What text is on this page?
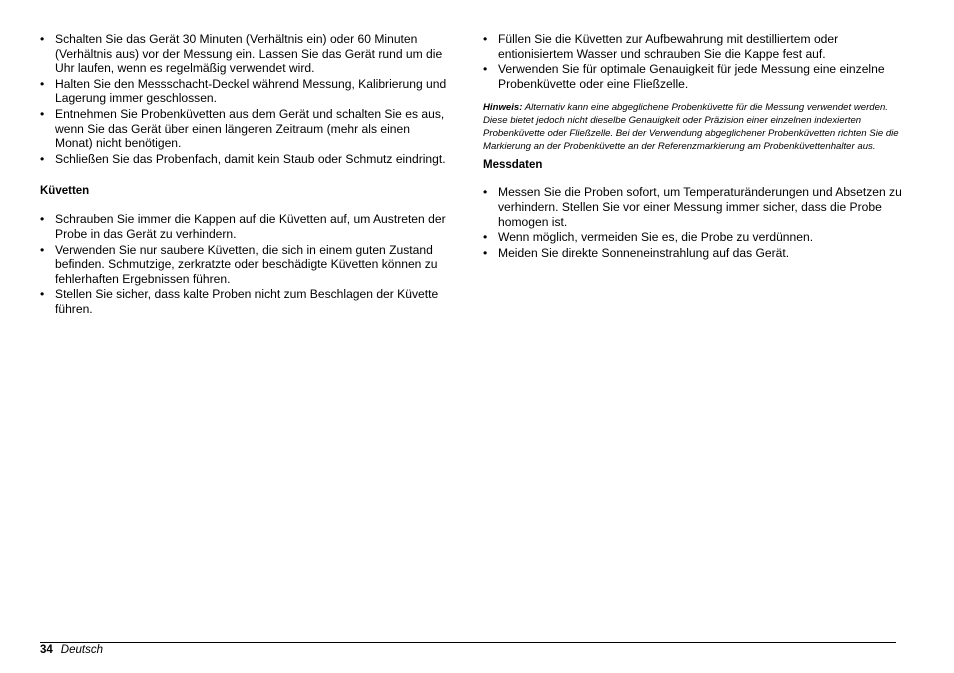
• Schalten Sie das Gerät 30 Minuten (Verhältnis ein) oder 60 Minuten (Verhältnis aus) vor der Messung ein. Lassen Sie das Gerät rund um die Uhr laufen, wenn es regelmäßig verwendet wird.
• Halten Sie den Messschacht-Deckel während Messung, Kalibrierung und Lagerung immer geschlossen.
• Entnehmen Sie Probenküvetten aus dem Gerät und schalten Sie es aus, wenn Sie das Gerät über einen längeren Zeitraum (mehr als einen Monat) nicht benötigen.
• Schließen Sie das Probenfach, damit kein Staub oder Schmutz eindringt.

Küvetten

• Schrauben Sie immer die Kappen auf die Küvetten auf, um Austreten der Probe in das Gerät zu verhindern.
• Verwenden Sie nur saubere Küvetten, die sich in einem guten Zustand befinden. Schmutzige, zerkratzte oder beschädigte Küvetten können zu fehlerhaften Ergebnissen führen.
• Stellen Sie sicher, dass kalte Proben nicht zum Beschlagen der Küvette führen.
• Füllen Sie die Küvetten zur Aufbewahrung mit destilliertem oder entionisiertem Wasser und schrauben Sie die Kappe fest auf.
• Verwenden Sie für optimale Genauigkeit für jede Messung eine einzelne Probenküvette oder eine Fließzelle.

Hinweis: Alternativ kann eine abgeglichene Probenküvette für die Messung verwendet werden. Diese bietet jedoch nicht dieselbe Genauigkeit oder Präzision einer einzelnen indexierten Probenküvette oder Fließzelle. Bei der Verwendung abgeglichener Probenküvetten richten Sie die Markierung an der Probenküvette an der Referenzmarkierung am Probenküvettenhalter aus.

Messdaten

• Messen Sie die Proben sofort, um Temperaturänderungen und Absetzen zu verhindern. Stellen Sie vor einer Messung immer sicher, dass die Probe homogen ist.
• Wenn möglich, vermeiden Sie es, die Probe zu verdünnen.
• Meiden Sie direkte Sonneneinstrahlung auf das Gerät.
34 Deutsch
